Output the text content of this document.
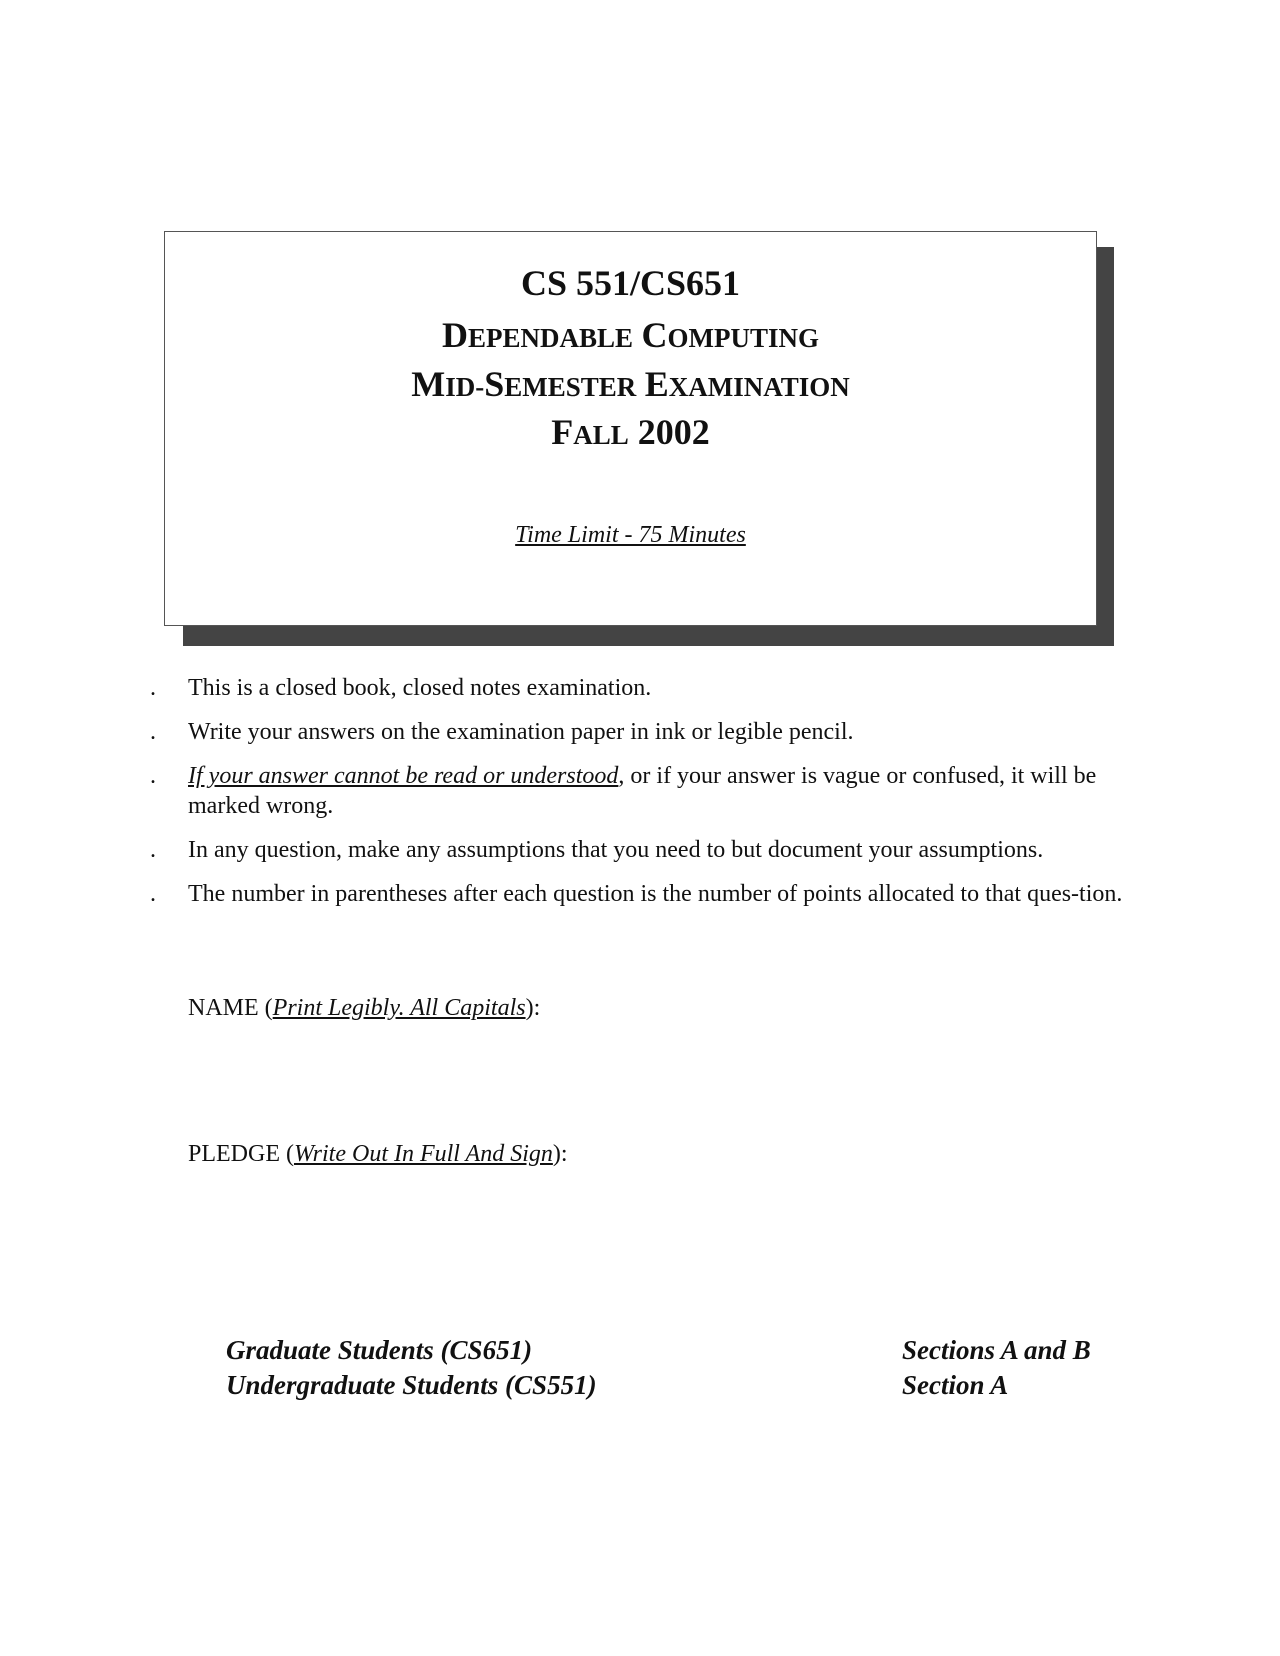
CS 551/CS651
DEPENDABLE COMPUTING
MID-SEMESTER EXAMINATION
FALL 2002
Time Limit - 75 Minutes
. This is a closed book, closed notes examination.
. Write your answers on the examination paper in ink or legible pencil.
. If your answer cannot be read or understood, or if your answer is vague or confused, it will be marked wrong.
. In any question, make any assumptions that you need to but document your assumptions.
. The number in parentheses after each question is the number of points allocated to that ques-tion.
NAME (Print Legibly. All Capitals):
PLEDGE (Write Out In Full And Sign):
Graduate Students (CS651)
Undergraduate Students (CS551)
Sections A and B
Section A
